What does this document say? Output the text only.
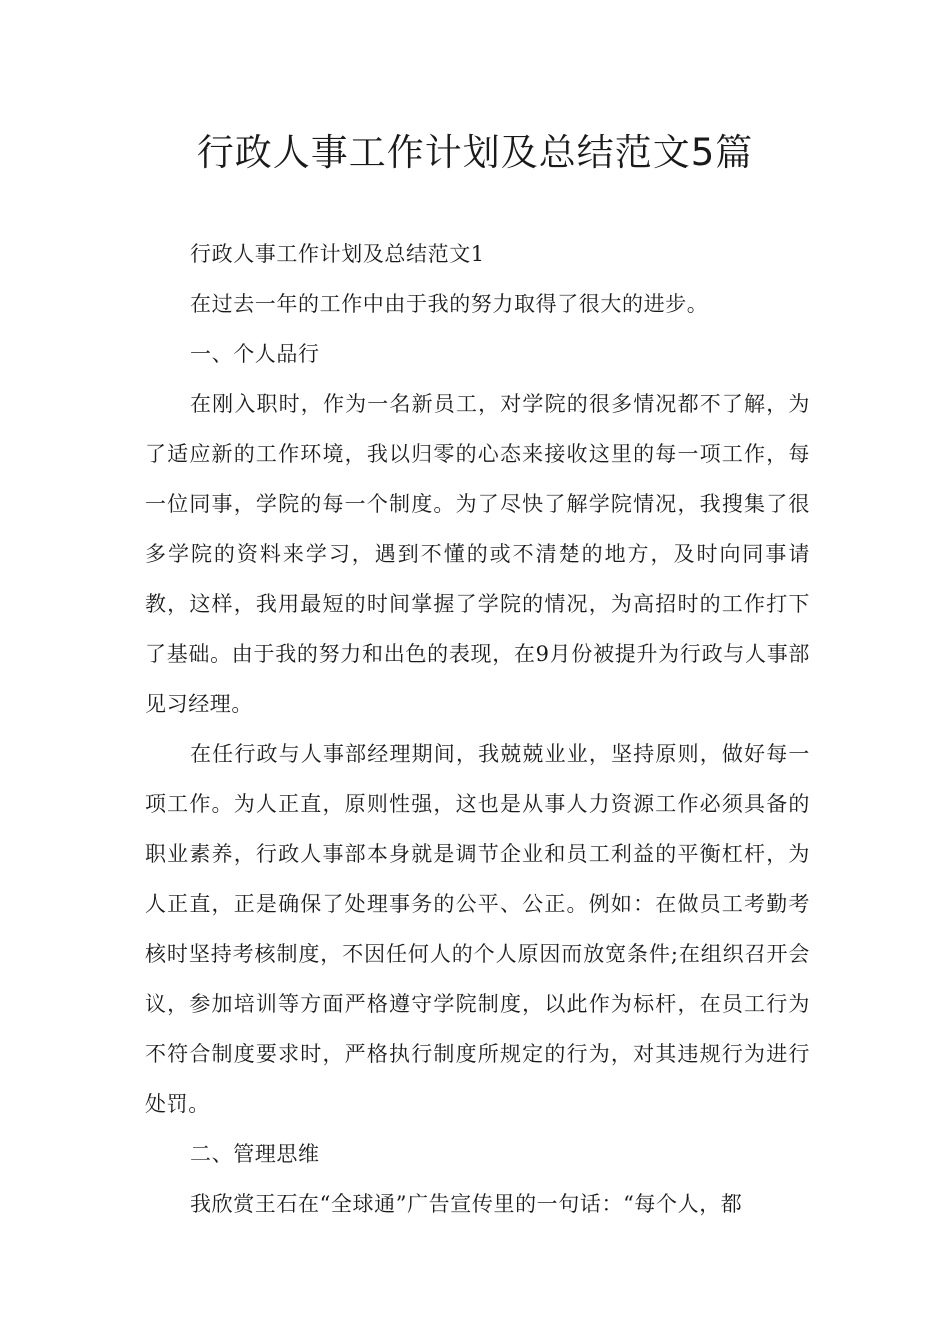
行政人事工作计划及总结范文5篇

行政人事工作计划及总结范文1

在过去一年的工作中由于我的努力取得了很大的进步。

一、个人品行

在刚入职时，作为一名新员工，对学院的很多情况都不了解，为了适应新的工作环境，我以归零的心态来接收这里的每一项工作，每一位同事，学院的每一个制度。为了尽快了解学院情况，我搜集了很多学院的资料来学习，遇到不懂的或不清楚的地方，及时向同事请教，这样，我用最短的时间掌握了学院的情况，为高招时的工作打下了基础。由于我的努力和出色的表现，在9月份被提升为行政与人事部见习经理。

在任行政与人事部经理期间，我兢兢业业，坚持原则，做好每一项工作。为人正直，原则性强，这也是从事人力资源工作必须具备的职业素养，行政人事部本身就是调节企业和员工利益的平衡杠杆，为人正直，正是确保了处理事务的公平、公正。例如：在做员工考勤考核时坚持考核制度，不因任何人的个人原因而放宽条件;在组织召开会议，参加培训等方面严格遵守学院制度，以此作为标杆，在员工行为不符合制度要求时，严格执行制度所规定的行为，对其违规行为进行处罚。

二、管理思维

我欣赏王石在“全球通”广告宣传里的一句话：“每个人，都
